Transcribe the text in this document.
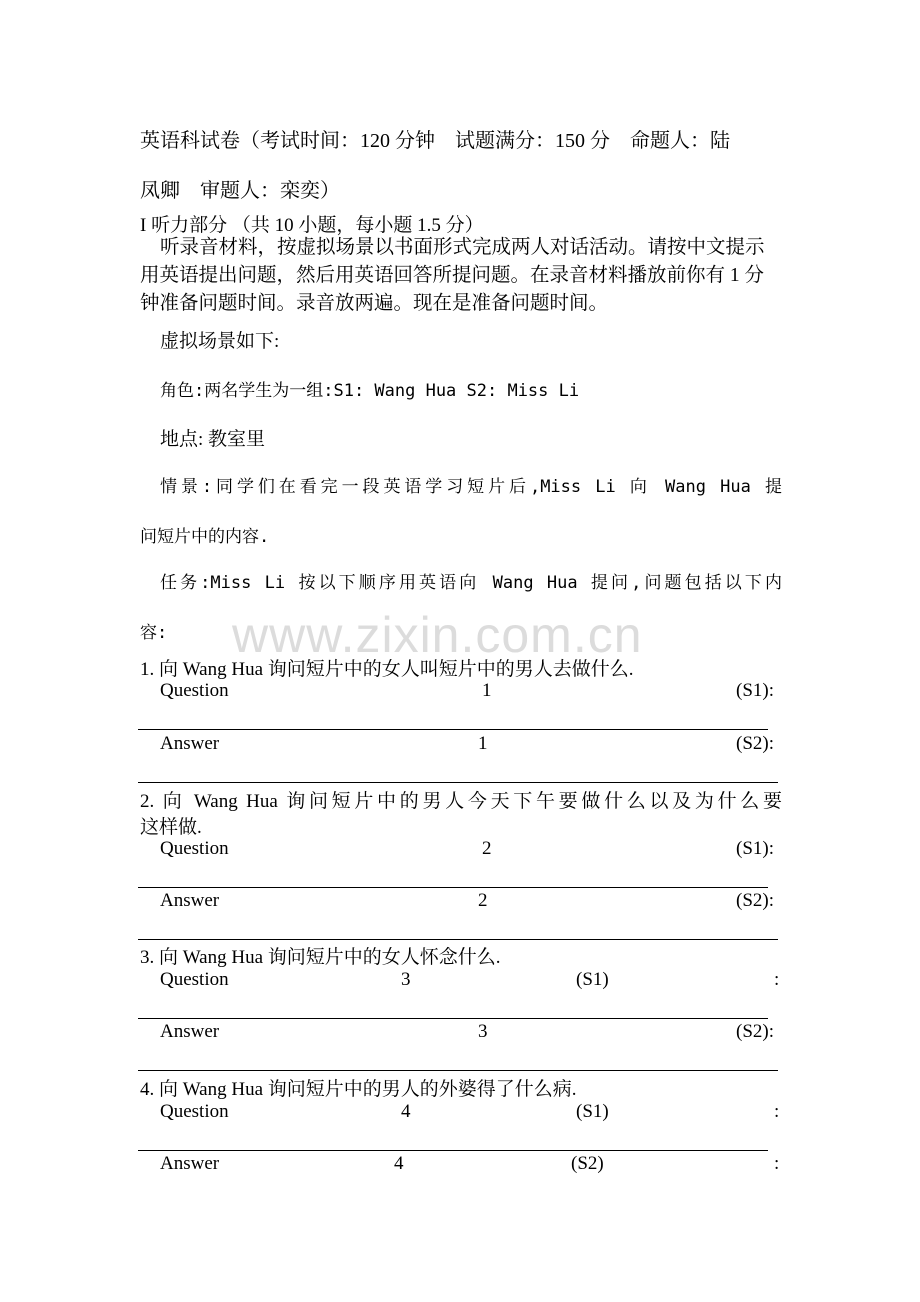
英语科试卷（考试时间：120 分钟　试题满分：150 分　命题人：陆
凤卿　审题人：栾奕）
I 听力部分 （共 10 小题，每小题 1.5 分）
听录音材料，按虚拟场景以书面形式完成两人对话活动。请按中文提示用英语提出问题，然后用英语回答所提问题。在录音材料播放前你有 1 分钟准备问题时间。录音放两遍。现在是准备问题时间。
虚拟场景如下:
角色:两名学生为一组:S1: Wang Hua S2: Miss Li
地点: 教室里
情景:同学们在看完一段英语学习短片后,Miss Li 向 Wang Hua 提
问短片中的内容.
任务:Miss Li 按以下顺序用英语向 Wang Hua 提问,问题包括以下内
容: www.zixin.com.cn
1. 向 Wang Hua 询问短片中的女人叫短片中的男人去做什么.
Question	1	(S1):
Answer	1	(S2):
2. 向 Wang Hua 询问短片中的男人今天下午要做什么以及为什么要
这样做.
Question	2	(S1):
Answer	2	(S2):
3. 向 Wang Hua 询问短片中的女人怀念什么.
Question	3	(S1)	:
Answer	3	(S2):
4. 向 Wang Hua 询问短片中的男人的外婆得了什么病.
Question	4	(S1)	:
Answer	4	(S2)	:
